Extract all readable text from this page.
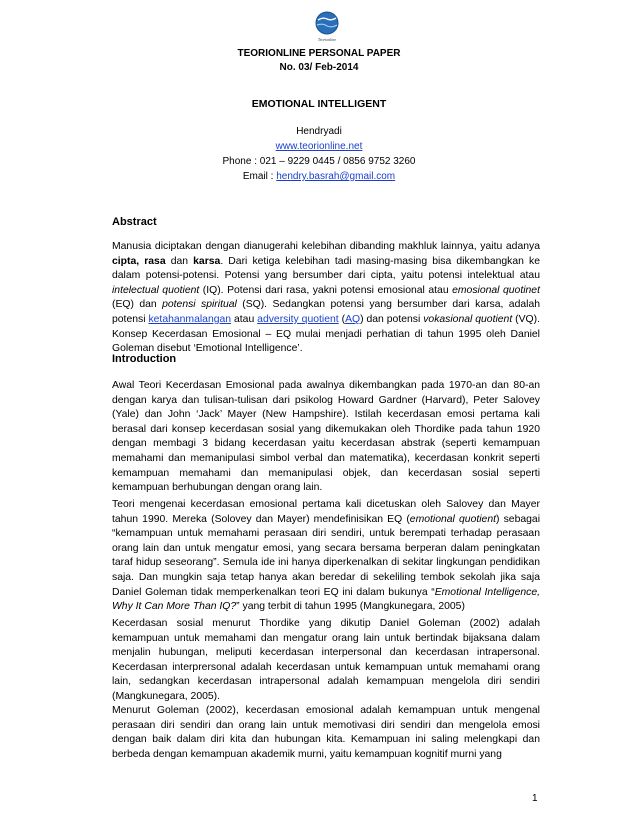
Teorionline
TEORIONLINE PERSONAL PAPER
No. 03/ Feb-2014
EMOTIONAL INTELLIGENT
Hendryadi
www.teorionline.net
Phone : 021 – 9229 0445 / 0856 9752 3260
Email : hendry.basrah@gmail.com
Abstract
Manusia diciptakan dengan dianugerahi kelebihan dibanding makhluk lainnya, yaitu adanya cipta, rasa dan karsa. Dari ketiga kelebihan tadi masing-masing bisa dikembangkan ke dalam potensi-potensi. Potensi yang bersumber dari cipta, yaitu potensi intelektual atau intelectual quotient (IQ). Potensi dari rasa, yakni potensi emosional atau emosional quotinet (EQ) dan potensi spiritual (SQ). Sedangkan potensi yang bersumber dari karsa, adalah potensi ketahanmalangan atau adversity quotient (AQ) dan potensi vokasional quotient (VQ). Konsep Kecerdasan Emosional – EQ mulai menjadi perhatian di tahun 1995 oleh Daniel Goleman disebut ‘Emotional Intelligence’.
Introduction
Awal Teori Kecerdasan Emosional pada awalnya dikembangkan pada 1970-an dan 80-an dengan karya dan tulisan-tulisan dari psikolog Howard Gardner (Harvard), Peter Salovey (Yale) dan John ‘Jack’ Mayer (New Hampshire). Istilah kecerdasan emosi pertama kali berasal dari konsep kecerdasan sosial yang dikemukakan oleh Thordike pada tahun 1920 dengan membagi 3 bidang kecerdasan yaitu kecerdasan abstrak (seperti kemampuan memahami dan memanipulasi simbol verbal dan matematika), kecerdasan konkrit seperti kemampuan memahami dan memanipulasi objek, dan kecerdasan sosial seperti kemampuan berhubungan dengan orang lain.
Teori mengenai kecerdasan emosional pertama kali dicetuskan oleh Salovey dan Mayer tahun 1990. Mereka (Solovey dan Mayer) mendefinisikan EQ (emotional quotient) sebagai “kemampuan untuk memahami perasaan diri sendiri, untuk berempati terhadap perasaan orang lain dan untuk mengatur emosi, yang secara bersama berperan dalam peningkatan taraf hidup seseorang”. Semula ide ini hanya diperkenalkan di sekitar lingkungan pendidikan saja. Dan mungkin saja tetap hanya akan beredar di sekeliling tembok sekolah jika saja Daniel Goleman tidak memperkenalkan teori EQ ini dalam bukunya “Emotional Intelligence, Why It Can More Than IQ?” yang terbit di tahun 1995 (Mangkunegara, 2005)
Kecerdasan sosial menurut Thordike yang dikutip Daniel Goleman (2002) adalah kemampuan untuk memahami dan mengatur orang lain untuk bertindak bijaksana dalam menjalin hubungan, meliputi kecerdasan interpersonal dan kecerdasan intrapersonal. Kecerdasan interprersonal adalah kecerdasan untuk kemampuan untuk memahami orang lain, sedangkan kecerdasan intrapersonal adalah kemampuan mengelola diri sendiri (Mangkunegara, 2005).
Menurut Goleman (2002), kecerdasan emosional adalah kemampuan untuk mengenal perasaan diri sendiri dan orang lain untuk memotivasi diri sendiri dan mengelola emosi dengan baik dalam diri kita dan hubungan kita. Kemampuan ini saling melengkapi dan berbeda dengan kemampuan akademik murni, yaitu kemampuan kognitif murni yang
1
